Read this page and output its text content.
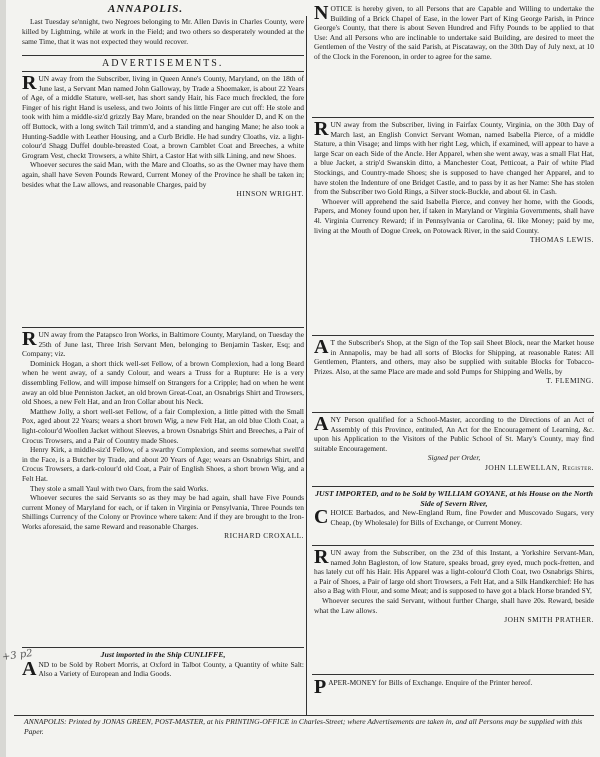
ANNAPOLIS.

Last Tuesday se'nnight, two Negroes belonging to Mr. Allen Davis in Charles County, were killed by Lightning, while at work in the Field; and two others so desperately wounded at the same Time, that it was not expected they would recover.

ADVERTISEMENTS.

RUN away from the Subscriber, living in Queen Anne's County, Maryland, on the 18th of June last, a Servant Man named John Galloway, by Trade a Shoemaker, is about 22 Years of Age, of a middle Stature, well-set, has short sandy Hair, his Face much freckled, the fore Finger of his right Hand is useless, and two Joints of his little Finger are cut off: He stole and took with him a middle-siz'd grizzly Bay Mare, branded on the near Shoulder D, and K on the off Buttock, with a long switch Tail trimm'd, and a standing and hanging Mane; he also took a Hunting-Saddle with Leather Housing, and a Curb Bridle. He had sundry Cloaths, viz. a light-colour'd Shagg Duffel double-breasted Coat, a brown Camblet Coat and Breeches, a white Grogram Vest, checkt Trowsers, a white Shirt, a Castor Hat with silk Lining, and new Shoes.

Whoever secures the said Man, with the Mare and Cloaths, so as the Owner may have them again, shall have Seven Pounds Reward, Current Money of the Province he shall be taken in; besides what the Law allows, and reasonable Charges, paid by

HINSON WRIGHT.

RUN away from the Patapsco Iron Works, in Baltimore County, Maryland, on Tuesday the 25th of June last, Three Irish Servant Men, belonging to Benjamin Tasker, Esq; and Company; viz.

Dominick Hogan, a short thick well-set Fellow, of a brown Complexion, had a long Beard when he went away, of a sandy Colour, and wears a Truss for a Rupture: He is a very dissembling Fellow, and will impose himself on Strangers for a Cripple; had on when he went away an old blue Penniston Jacket, an old brown Great-Coat, an Osnabrigs Shirt and Trowsers, old Shoes, a new Felt Hat, and an Iron Collar about his Neck.

Matthew Jolly, a short well-set Fellow, of a fair Complexion, a little pitted with the Small Pox, aged about 22 Years; wears a short brown Wig, a new Felt Hat, an old blue Cloth Coat, a light-colour'd Woollen Jacket without Sleeves, a brown Osnabrigs Shirt and Breeches, a Pair of Crocus Trowsers, and a Pair of Country made Shoes.

Henry Kirk, a middle-siz'd Fellow, of a swarthy Complexion, and seems somewhat swell'd in the Face, is a Butcher by Trade, and about 20 Years of Age; wears an Osnabrigs Shirt, and Crocus Trowsers, a dark-colour'd old Coat, a Pair of English Shoes, a short brown Wig, and a Felt Hat.

They stole a small Yaul with two Oars, from the said Works.

Whoever secures the said Servants so as they may be had again, shall have Five Pounds current Money of Maryland for each, or if taken in Virginia or Pensylvania, Three Pounds ten Shillings Currency of the Colony or Province where taken: And if they are brought to the Iron-Works aforesaid, the same Reward and reasonable Charges.

RICHARD CROXALL.

Just imported in the Ship CUNLIFFE,

AND to be Sold by Robert Morris, at Oxford in Talbot County, a Quantity of white Salt: Also a Variety of European and India Goods.

NOTICE is hereby given, to all Persons that are Capable and Willing to undertake the Building of a Brick Chapel of Ease, in the lower Part of King George Parish, in Prince George's County, that there is about Seven Hundred and Fifty Pounds to be applied to that Use: And all Persons who are inclinable to undertake said Building, are desired to meet the Gentlemen of the Vestry of the said Parish, at Piscataway, on the 30th Day of July next, at 10 of the Clock in the Forenoon, in order to agree for the same.

RUN away from the Subscriber, living in Fairfax County, Virginia, on the 30th Day of March last, an English Convict Servant Woman, named Isabella Pierce, of a middle Stature, a thin Visage; and limps with her right Leg, which, if examined, will appear to have a large Scar on each Side of the Ancle. Her Apparel, when she went away, was a small Flat Hat, a blue Jacket, a strip'd Swanskin ditto, a Manchester Coat, Petticoat, a Pair of white Plad Stockings, and Country-made Shoes; she is supposed to have changed her Apparel, and to have stolen the Indenture of one Bridget Castle, and to pass by it as her Name: She has stolen from the Subscriber two Gold Rings, a Silver stock-Buckle, and about 6l. in Cash.

Whoever will apprehend the said Isabella Pierce, and convey her home, with the Goods, Papers, and Money found upon her, if taken in Maryland or Virginia Governments, shall have 4l. Virginia Currency Reward; if in Pennsylvania or Carolina, 6l. like Money; paid by me, living at the Mouth of Dogue Creek, on Potowack River, in the said County.

THOMAS LEWIS.

A T the Subscriber's Shop, at the Sign of the Top sail Sheet Block, near the Market house in Annapolis, may be had all sorts of Blocks for Shipping, at reasonable Rates: All Gentlemen, Planters, and others, may also be supplied with suitable Blocks for Tobacco-Prizes. Also, at the same Place are made and sold Pumps for Shipping and Wells, by
T. FLEMING.

ANY Person qualified for a School-Master, according to the Directions of an Act of Assembly of this Province, entituled, An Act for the Encouragement of Learning, &c. upon his Application to the Visitors of the Public School of St. Mary's County, may find suitable Encouragement.

Signed per Order,

JOHN LLEWELLAN, Register.

JUST IMPORTED, and to be Sold by WILLIAM GOYANE, at his House on the North Side of Severn River,

CHOICE Barbados, and New-England Rum, fine Powder and Muscovado Sugars, very Cheap, (by Wholesale) for Bills of Exchange, or Current Money.

RUN away from the Subscriber, on the 23d of this Instant, a Yorkshire Servant-Man, named John Bagleston, of low Stature, speaks broad, grey eyed, much pock-fretten, and has lately cut off his Hair. His Apparel was a light-colour'd Cloth Coat, two Osnabrigs Shirts, a Pair of Shoes, a Pair of large old short Trowsers, a Felt Hat, and a Silk Handkerchief: He has also a Bag with Flour, and some Meat; and is supposed to have got a black Horse branded SY,

Whoever secures the said Servant, without further Charge, shall have 20s. Reward, beside what the Law allows.

JOHN SMITH PRATHER.

PAPER-MONEY for Bills of Exchange. Enquire of the Printer hereof.

+3 p2

ANNAPOLIS: Printed by JONAS GREEN, POST-MASTER, at his PRINTING-OFFICE in Charles-Street; where Advertisements are taken in, and all Persons may be supplied with this Paper.
